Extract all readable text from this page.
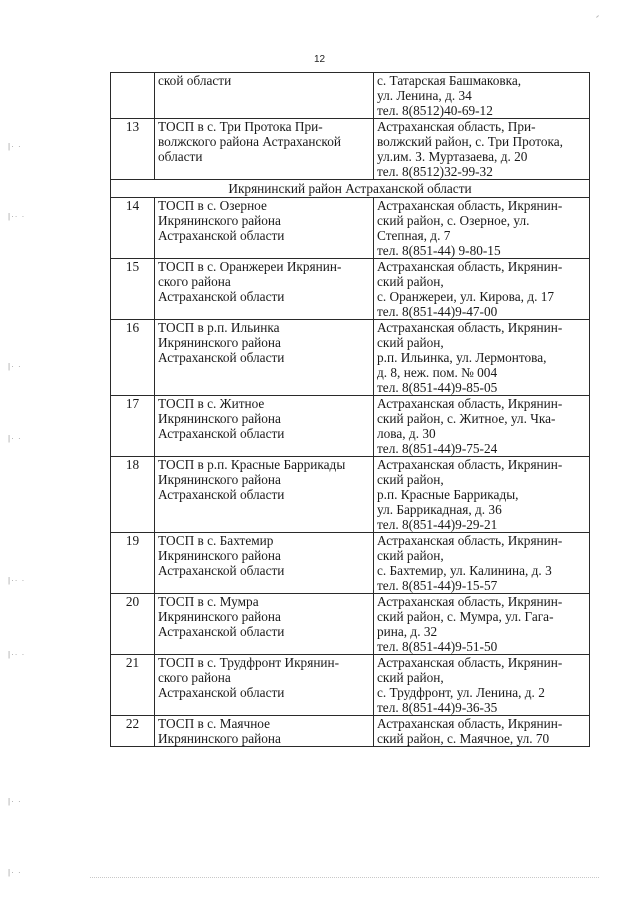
12
|· ·
|·· ·
|· ·
|· ·
|·· ·
|·· ·
|· ·
|· ·

	ской области	с. Татарская Башмаковка,
ул. Ленина, д. 34
тел. 8(8512)40-69-12

13	ТОСП в с. Три Протока При-
волжского района Астраханской
области	Астраханская область, При-
волжский район, с. Три Протока,
ул.им. З. Муртазаева, д. 20
тел. 8(8512)32-99-32

Икрянинский район Астраханской области		
14	ТОСП в с. Озерное
Икрянинского района
Астраханской области	Астраханская область, Икрянин-
ский район, с. Озерное, ул.
Степная, д. 7
тел. 8(851-44) 9-80-15

15	ТОСП в с. Оранжереи Икрянин-
ского района
Астраханской области	Астраханская область, Икрянин-
ский район,
с. Оранжереи, ул. Кирова, д. 17
тел. 8(851-44)9-47-00

16	ТОСП в р.п. Ильинка
Икрянинского района
Астраханской области	Астраханская область, Икрянин-
ский район,
р.п. Ильинка, ул. Лермонтова,
д. 8, неж. пом. № 004
тел. 8(851-44)9-85-05

17	ТОСП в с. Житное
Икрянинского района
Астраханской области	Астраханская область, Икрянин-
ский район, с. Житное, ул. Чка-
лова, д. 30
тел. 8(851-44)9-75-24

18	ТОСП в р.п. Красные Баррикады
Икрянинского района
Астраханской области	Астраханская область, Икрянин-
ский район,
р.п. Красные Баррикады,
ул. Баррикадная, д. 36
тел. 8(851-44)9-29-21

19	ТОСП в с. Бахтемир
Икрянинского района
Астраханской области	Астраханская область, Икрянин-
ский район,
с. Бахтемир, ул. Калинина, д. 3
тел. 8(851-44)9-15-57

20	ТОСП в с. Мумра
Икрянинского района
Астраханской области	Астраханская область, Икрянин-
ский район, с. Мумра, ул. Гага-
рина, д. 32
тел. 8(851-44)9-51-50

21	ТОСП в с. Трудфронт Икрянин-
ского района
Астраханской области	Астраханская область, Икрянин-
ский район,
с. Трудфронт, ул. Ленина, д. 2
тел. 8(851-44)9-36-35

22	ТОСП в с. Маячное
Икрянинского района	Астраханская область, Икрянин-
ский район, с. Маячное, ул. 70
